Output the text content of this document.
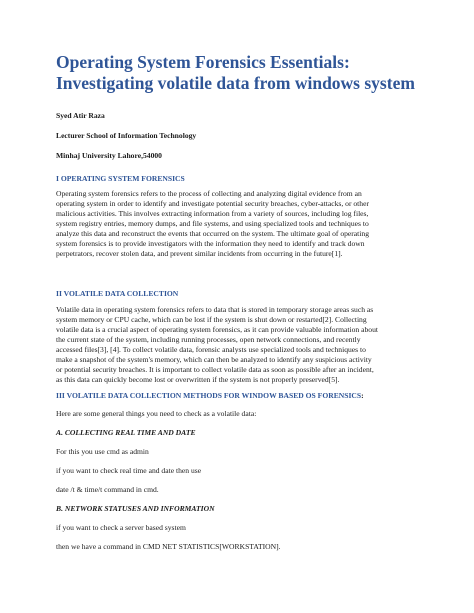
Operating System Forensics Essentials:
Investigating volatile data from windows system
Syed Atir Raza
Lecturer School of Information Technology
Minhaj University Lahore,54000
I OPERATING SYSTEM FORENSICS
Operating system forensics refers to the process of collecting and analyzing digital evidence from an
operating system in order to identify and investigate potential security breaches, cyber-attacks, or other
malicious activities. This involves extracting information from a variety of sources, including log files,
system registry entries, memory dumps, and file systems, and using specialized tools and techniques to
analyze this data and reconstruct the events that occurred on the system. The ultimate goal of operating
system forensics is to provide investigators with the information they need to identify and track down
perpetrators, recover stolen data, and prevent similar incidents from occurring in the future[1].
II VOLATILE DATA COLLECTION
Volatile data in operating system forensics refers to data that is stored in temporary storage areas such as
system memory or CPU cache, which can be lost if the system is shut down or restarted[2]. Collecting
volatile data is a crucial aspect of operating system forensics, as it can provide valuable information about
the current state of the system, including running processes, open network connections, and recently
accessed files[3], [4]. To collect volatile data, forensic analysts use specialized tools and techniques to
make a snapshot of the system's memory, which can then be analyzed to identify any suspicious activity
or potential security breaches. It is important to collect volatile data as soon as possible after an incident,
as this data can quickly become lost or overwritten if the system is not properly preserved[5].
III VOLATILE DATA COLLECTION METHODS FOR WINDOW BASED OS FORENSICS:
Here are some general things you need to check as a volatile data:
A. COLLECTING REAL TIME AND DATE
For this you use cmd as admin
if you want to check real time and date then use
date /t & time/t command in cmd.
B. NETWORK STATUSES AND INFORMATION
if you want to check a server based system
then we have a command in CMD NET STATISTICS[WORKSTATION].
